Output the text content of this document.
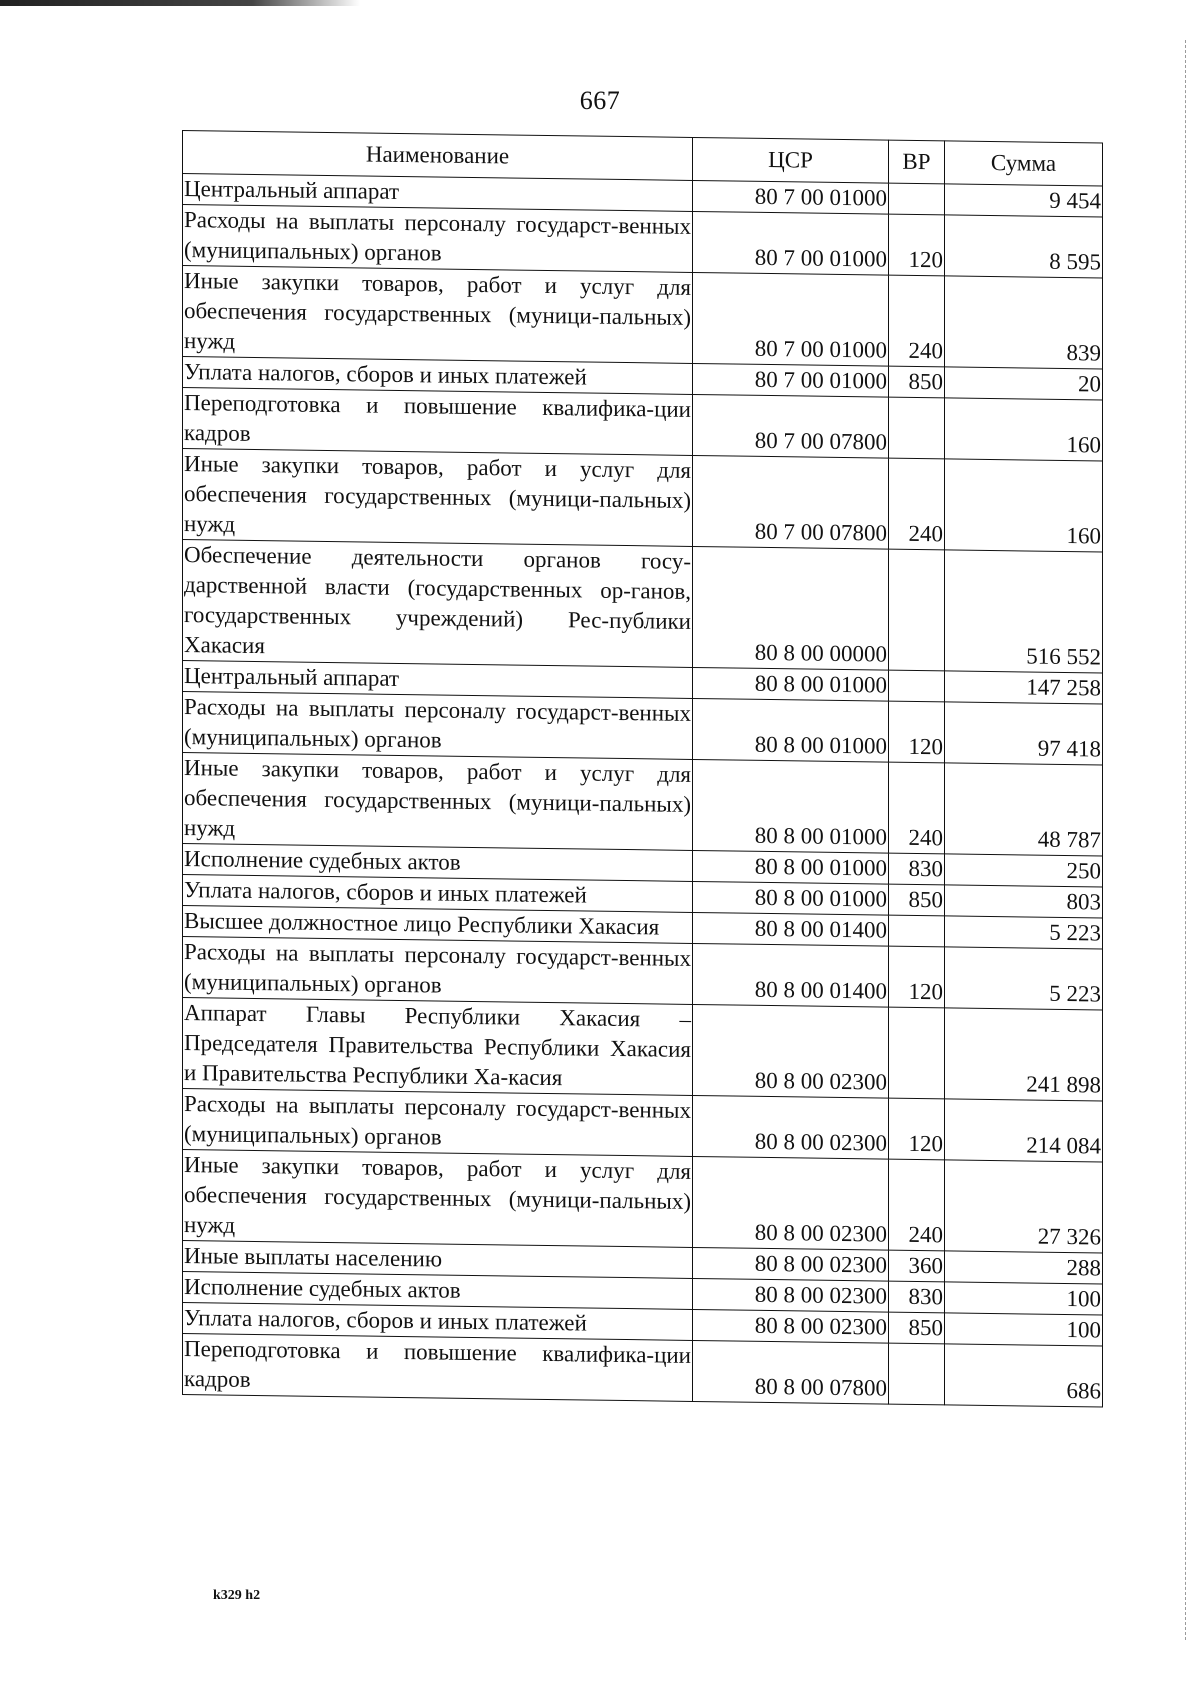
667
Наименование	ЦСР	ВР	Сумма
Центральный аппарат	80 7 00 01000		9 454
Расходы на выплаты персоналу государст-венных (муниципальных) органов	80 7 00 01000	120	8 595
Иные закупки товаров, работ и услуг для обеспечения государственных (муници-пальных) нужд	80 7 00 01000	240	839
Уплата налогов, сборов и иных платежей	80 7 00 01000	850	20
Переподготовка и повышение квалифика-ции кадров	80 7 00 07800		160
Иные закупки товаров, работ и услуг для обеспечения государственных (муници-пальных) нужд	80 7 00 07800	240	160
Обеспечение деятельности органов госу-дарственной власти (государственных ор-ганов, государственных учреждений) Рес-публики Хакасия	80 8 00 00000		516 552
Центральный аппарат	80 8 00 01000		147 258
Расходы на выплаты персоналу государст-венных (муниципальных) органов	80 8 00 01000	120	97 418
Иные закупки товаров, работ и услуг для обеспечения государственных (муници-пальных) нужд	80 8 00 01000	240	48 787
Исполнение судебных актов	80 8 00 01000	830	250
Уплата налогов, сборов и иных платежей	80 8 00 01000	850	803
Высшее должностное лицо Республики Хакасия	80 8 00 01400		5 223
Расходы на выплаты персоналу государст-венных (муниципальных) органов	80 8 00 01400	120	5 223
Аппарат Главы Республики Хакасия – Председателя Правительства Республики Хакасия и Правительства Республики Ха-касия	80 8 00 02300		241 898
Расходы на выплаты персоналу государст-венных (муниципальных) органов	80 8 00 02300	120	214 084
Иные закупки товаров, работ и услуг для обеспечения государственных (муници-пальных) нужд	80 8 00 02300	240	27 326
Иные выплаты населению	80 8 00 02300	360	288
Исполнение судебных актов	80 8 00 02300	830	100
Уплата налогов, сборов и иных платежей	80 8 00 02300	850	100
Переподготовка и повышение квалифика-ции кадров	80 8 00 07800		686
k329 h2
